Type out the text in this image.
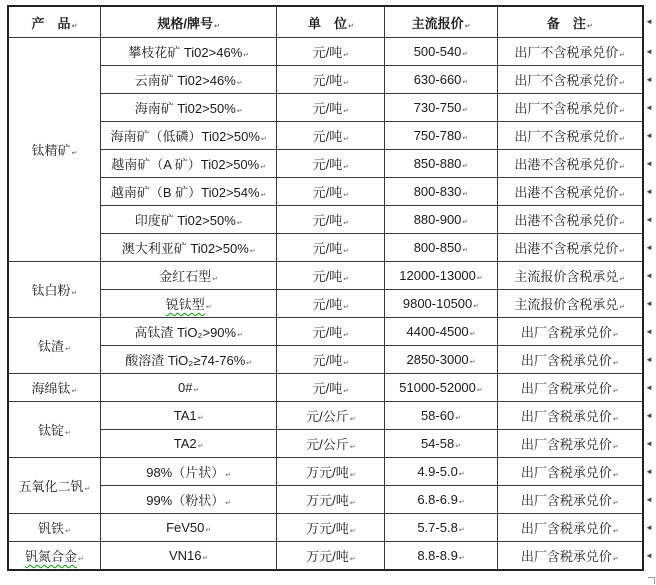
产　品↵	规格/牌号↵	单　位↵	主流报价↵	备　注↵	◄
钛精矿↵	攀枝花矿 Ti02>46%↵	元/吨↵	500-540↵	出厂不含税承兑价↵	◄
	云南矿 Ti02>46%↵	元/吨↵	630-660↵	出厂不含税承兑价↵	◄
	海南矿 Ti02>50%↵	元/吨↵	730-750↵	出厂不含税承兑价↵	◄
	海南矿（低磷）Ti02>50%↵	元/吨↵	750-780↵	出厂不含税承兑价↵	◄
	越南矿（A 矿）Ti02>50%↵	元/吨↵	850-880↵	出港不含税承兑价↵	◄
	越南矿（B 矿）Ti02>54%↵	元/吨↵	800-830↵	出港不含税承兑价↵	◄
	印度矿 Ti02>50%↵	元/吨↵	880-900↵	出港不含税承兑价↵	◄
	澳大利亚矿 Ti02>50%↵	元/吨↵	800-850↵	出港不含税承兑价↵	◄
钛白粉↵	金红石型↵	元/吨↵	12000-13000↵	主流报价含税承兑↵	◄
	锐钛型↵	元/吨↵	9800-10500↵	主流报价含税承兑↵	◄
钛渣↵	高钛渣 TiO₂>90%↵	元/吨↵	4400-4500↵	出厂含税承兑价↵	◄
	酸溶渣 TiO₂≥74-76%↵	元/吨↵	2850-3000↵	出厂含税承兑价↵	◄
海绵钛↵	0#↵	元/吨↵	51000-52000↵	出厂含税承兑价↵	◄
钛锭↵	TA1↵	元/公斤↵	58-60↵	出厂含税承兑价↵	◄
	TA2↵	元/公斤↵	54-58↵	出厂含税承兑价↵	◄
五氧化二钒↵	98%（片状）↵	万元/吨↵	4.9-5.0↵	出厂含税承兑价↵	◄
	99%（粉状）↵	万元/吨↵	6.8-6.9↵	出厂含税承兑价↵	◄
钒铁↵	FeV50↵	万元/吨↵	5.7-5.8↵	出厂含税承兑价↵	◄
钒氮合金↵	VN16↵	万元/吨↵	8.8-8.9↵	出厂含税承兑价↵	◄
